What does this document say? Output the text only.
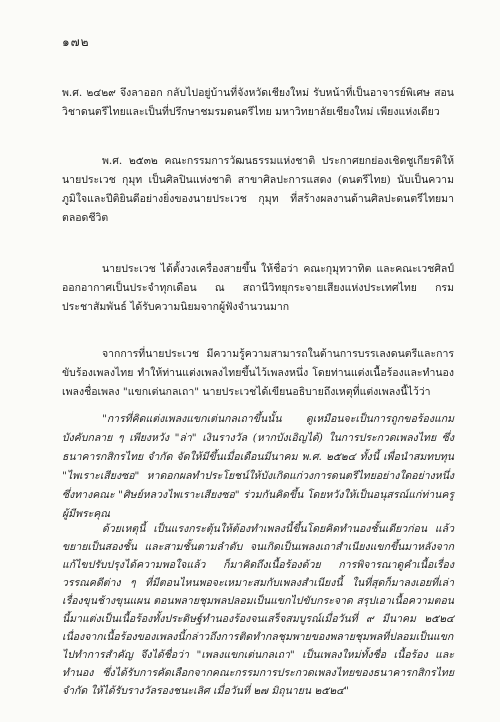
๑๗๒

พ.ศ. ๒๔๒๙ จึงลาออก กลับไปอยู่บ้านที่จังหวัดเชียงใหม่ รับหน้าที่เป็นอาจารย์พิเศษ สอนวิชาดนตรีไทยและเป็นที่ปรึกษาชมรมดนตรีไทย มหาวิทยาลัยเชียงใหม่ เพียงแห่งเดียว

พ.ศ. ๒๕๓๒ คณะกรรมการวัฒนธรรมแห่งชาติ ประกาศยกย่องเชิดชูเกียรติให้นายประเวช กุมุท เป็นศิลปินแห่งชาติ สาขาศิลปะการแสดง (ดนตรีไทย) นับเป็นความภูมิใจและปีติยินดีอย่างยิ่งของนายประเวช กุมุท ที่สร้างผลงานด้านศิลปะดนตรีไทยมาตลอดชีวิต

นายประเวช ได้ตั้งวงเครื่องสายขึ้น ให้ชื่อว่า คณะกุมุทวาทิต และคณะเวชศิลป์ออกอากาศเป็นประจำทุกเดือน ณ สถานีวิทยุกระจายเสียงแห่งประเทศไทย กรมประชาสัมพันธ์ ได้รับความนิยมจากผู้ฟังจำนวนมาก

จากการที่นายประเวช มีความรู้ความสามารถในด้านการบรรเลงดนตรีและการขับร้องเพลงไทย ทำให้ท่านแต่งเพลงไทยขึ้นไว้เพลงหนึ่ง โดยท่านแต่งเนื้อร้องและทำนองเพลงชื่อเพลง "แขกเต่นกลเถา" นายประเวชได้เขียนอธิบายถึงเหตุที่แต่งเพลงนี้ไว้ว่า

"การที่คิดแต่งเพลงแขกเต่นกลเถาขึ้นนั้น ดูเหมือนจะเป็นการถูกขอร้องแกมบังคับกลาย ๆ เพียงหวัง "ล่า" เงินรางวัล (หากบังเอิญได้) ในการประกวดเพลงไทย ซึ่งธนาคารกสิกรไทย จำกัด จัดให้มีขึ้นเมื่อเดือนมีนาคม พ.ศ. ๒๕๒๔ ทั้งนี้ เพื่อนำสมทบทุน "ไพเราะเสียงซอ" หาดอกผลทำประโยชน์ให้บังเกิดแก่วงการดนตรีไทยอย่างใดอย่างหนึ่ง ซึ่งทางคณะ "ศิษย์หลวงไพเราะเสียงซอ" ร่วมกันคิดขึ้น โดยหวังให้เป็นอนุสรณ์แก่ท่านครูผู้มีพระคุณ

ด้วยเหตุนี้ เป็นแรงกระตุ้นให้ต้องทำเพลงนี้ขึ้นโดยคิดทำนองชั้นเดียวก่อน แล้วขยายเป็นสองชั้น และสามชั้นตามลำดับ จนเกิดเป็นเพลงเถาสำเนียงแขกขึ้นมาหลังจากแก้ไขปรับปรุงได้ความพอใจแล้ว ก็มาคิดถึงเนื้อร้องด้วย การพิจารณาดูคำเนื้อเรื่องวรรณคดีต่าง ๆ ที่มีตอนไหนพอจะเหมาะสมกับเพลงสำเนียงนี้ ในที่สุดก็มาลงเอยที่เล่าเรื่องขุนช้างขุนแผน ตอนพลายชุมพลปลอมเป็นแขกไปขับกระจาด สรุปเอาเนื้อความตอนนี้มาแต่งเป็นเนื้อร้องทั้งประดิษฐ์ทำนองร้องจนเสร็จสมบูรณ์เมื่อวันที่ ๙ มีนาคม ๒๕๒๔ เนื่องจากเนื้อร้องของเพลงนี้กล่าวถึงการติดทำกลชุมพายของพลายชุมพลที่ปลอมเป็นแขกไปทำการสำคัญ จึงได้ชื่อว่า "เพลงแขกเต่นกลเถา" เป็นเพลงใหม่ทั้งชื่อ เนื้อร้อง และทำนอง ซึ่งได้รับการคัดเลือกจากคณะกรรมการประกวดเพลงไทยของธนาคารกสิกรไทย จำกัด ให้ได้รับรางวัลรองชนะเลิศ เมื่อวันที่ ๒๗ มิถุนายน ๒๕๒๔"
